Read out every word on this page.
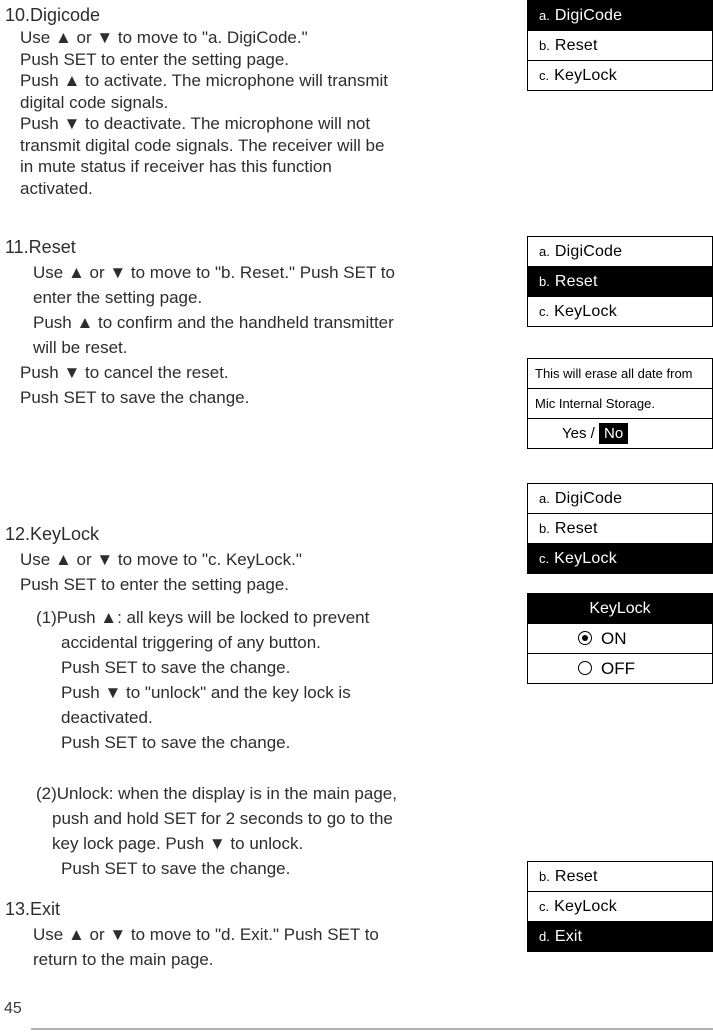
10.Digicode
Use ▲ or ▼ to move to "a. DigiCode."
Push SET to enter the setting page.
Push ▲ to activate. The microphone will transmit
digital code signals.
Push ▼ to deactivate. The microphone will not
transmit digital code signals. The receiver will be
in mute status if receiver has this function
activated.
11.Reset
Use ▲ or ▼ to move to "b. Reset." Push SET to
enter the setting page.
Push ▲ to confirm and the handheld transmitter
will be reset.
Push ▼ to cancel the reset.
Push SET to save the change.
12.KeyLock
Use ▲ or ▼ to move to "c. KeyLock."
Push SET to enter the setting page.
(1)Push ▲: all keys will be locked to prevent
accidental triggering of any button.
Push SET to save the change.
Push ▼ to "unlock" and the key lock is
deactivated.
Push SET to save the change.
(2)Unlock: when the display is in the main page,
push and hold SET for 2 seconds to go to the
key lock page. Push ▼ to unlock.
Push SET to save the change.
13.Exit
Use ▲ or ▼ to move to "d. Exit." Push SET to
return to the main page.
a. DigiCode
b. Reset
c. KeyLock
a. DigiCode
b. Reset
c. KeyLock
This will erase all date from
Mic Internal Storage.
Yes / No
a. DigiCode
b. Reset
c. KeyLock
KeyLock
ON
OFF
b. Reset
c. KeyLock
d. Exit
45
